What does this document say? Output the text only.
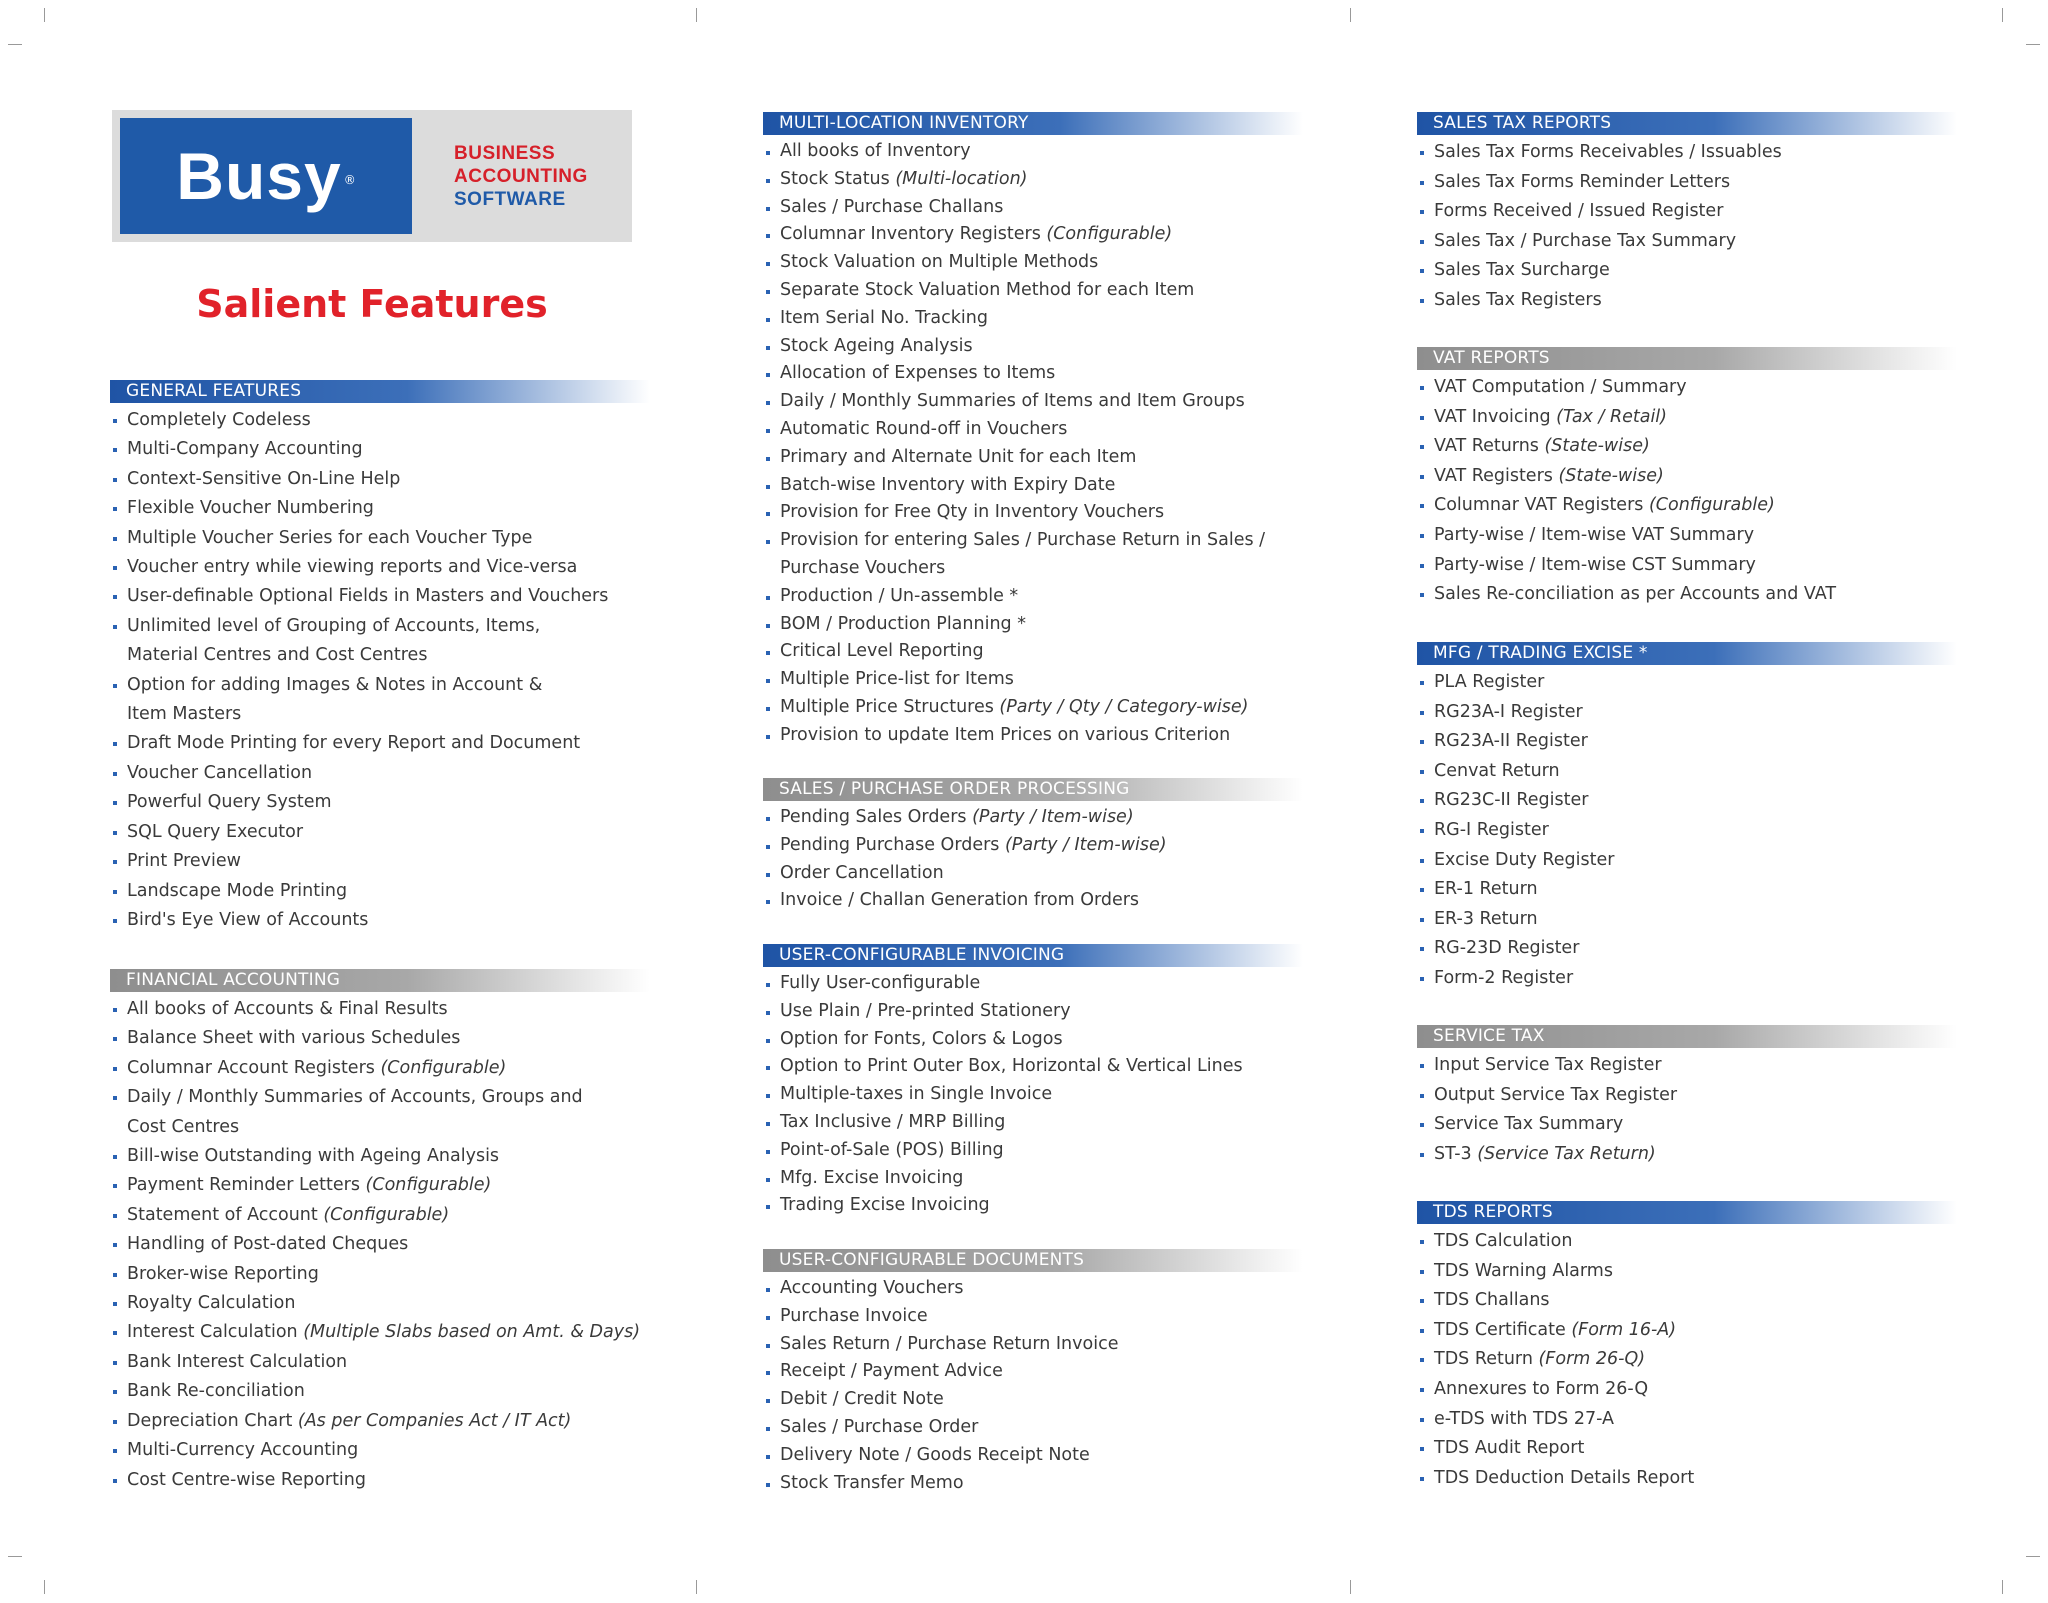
Busy ®
BUSINESS
ACCOUNTING
SOFTWARE
Salient Features
GENERAL FEATURES
Completely Codeless
Multi-Company Accounting
Context-Sensitive On-Line Help
Flexible Voucher Numbering
Multiple Voucher Series for each Voucher Type
Voucher entry while viewing reports and Vice-versa
User-definable Optional Fields in Masters and Vouchers
Unlimited level of Grouping of Accounts, Items,
Material Centres and Cost Centres
Option for adding Images & Notes in Account &
Item Masters
Draft Mode Printing for every Report and Document
Voucher Cancellation
Powerful Query System
SQL Query Executor
Print Preview
Landscape Mode Printing
Bird's Eye View of Accounts
FINANCIAL ACCOUNTING
All books of Accounts & Final Results
Balance Sheet with various Schedules
Columnar Account Registers (Configurable)
Daily / Monthly Summaries of Accounts, Groups and
Cost Centres
Bill-wise Outstanding with Ageing Analysis
Payment Reminder Letters (Configurable)
Statement of Account (Configurable)
Handling of Post-dated Cheques
Broker-wise Reporting
Royalty Calculation
Interest Calculation (Multiple Slabs based on Amt. & Days)
Bank Interest Calculation
Bank Re-conciliation
Depreciation Chart (As per Companies Act / IT Act)
Multi-Currency Accounting
Cost Centre-wise Reporting
MULTI-LOCATION INVENTORY
All books of Inventory
Stock Status (Multi-location)
Sales / Purchase Challans
Columnar Inventory Registers (Configurable)
Stock Valuation on Multiple Methods
Separate Stock Valuation Method for each Item
Item Serial No. Tracking
Stock Ageing Analysis
Allocation of Expenses to Items
Daily / Monthly Summaries of Items and Item Groups
Automatic Round-off in Vouchers
Primary and Alternate Unit for each Item
Batch-wise Inventory with Expiry Date
Provision for Free Qty in Inventory Vouchers
Provision for entering Sales / Purchase Return in Sales /
Purchase Vouchers
Production / Un-assemble *
BOM / Production Planning *
Critical Level Reporting
Multiple Price-list for Items
Multiple Price Structures (Party / Qty / Category-wise)
Provision to update Item Prices on various Criterion
SALES / PURCHASE ORDER PROCESSING
Pending Sales Orders (Party / Item-wise)
Pending Purchase Orders (Party / Item-wise)
Order Cancellation
Invoice / Challan Generation from Orders
USER-CONFIGURABLE INVOICING
Fully User-configurable
Use Plain / Pre-printed Stationery
Option for Fonts, Colors & Logos
Option to Print Outer Box, Horizontal & Vertical Lines
Multiple-taxes in Single Invoice
Tax Inclusive / MRP Billing
Point-of-Sale (POS) Billing
Mfg. Excise Invoicing
Trading Excise Invoicing
USER-CONFIGURABLE DOCUMENTS
Accounting Vouchers
Purchase Invoice
Sales Return / Purchase Return Invoice
Receipt / Payment Advice
Debit / Credit Note
Sales / Purchase Order
Delivery Note / Goods Receipt Note
Stock Transfer Memo
SALES TAX REPORTS
Sales Tax Forms Receivables / Issuables
Sales Tax Forms Reminder Letters
Forms Received / Issued Register
Sales Tax / Purchase Tax Summary
Sales Tax Surcharge
Sales Tax Registers
VAT REPORTS
VAT Computation / Summary
VAT Invoicing (Tax / Retail)
VAT Returns (State-wise)
VAT Registers (State-wise)
Columnar VAT Registers (Configurable)
Party-wise / Item-wise VAT Summary
Party-wise / Item-wise CST Summary
Sales Re-conciliation as per Accounts and VAT
MFG / TRADING EXCISE *
PLA Register
RG23A-I Register
RG23A-II Register
Cenvat Return
RG23C-II Register
RG-I Register
Excise Duty Register
ER-1 Return
ER-3 Return
RG-23D Register
Form-2 Register
SERVICE TAX
Input Service Tax Register
Output Service Tax Register
Service Tax Summary
ST-3 (Service Tax Return)
TDS REPORTS
TDS Calculation
TDS Warning Alarms
TDS Challans
TDS Certificate (Form 16-A)
TDS Return (Form 26-Q)
Annexures to Form 26-Q
e-TDS with TDS 27-A
TDS Audit Report
TDS Deduction Details Report
